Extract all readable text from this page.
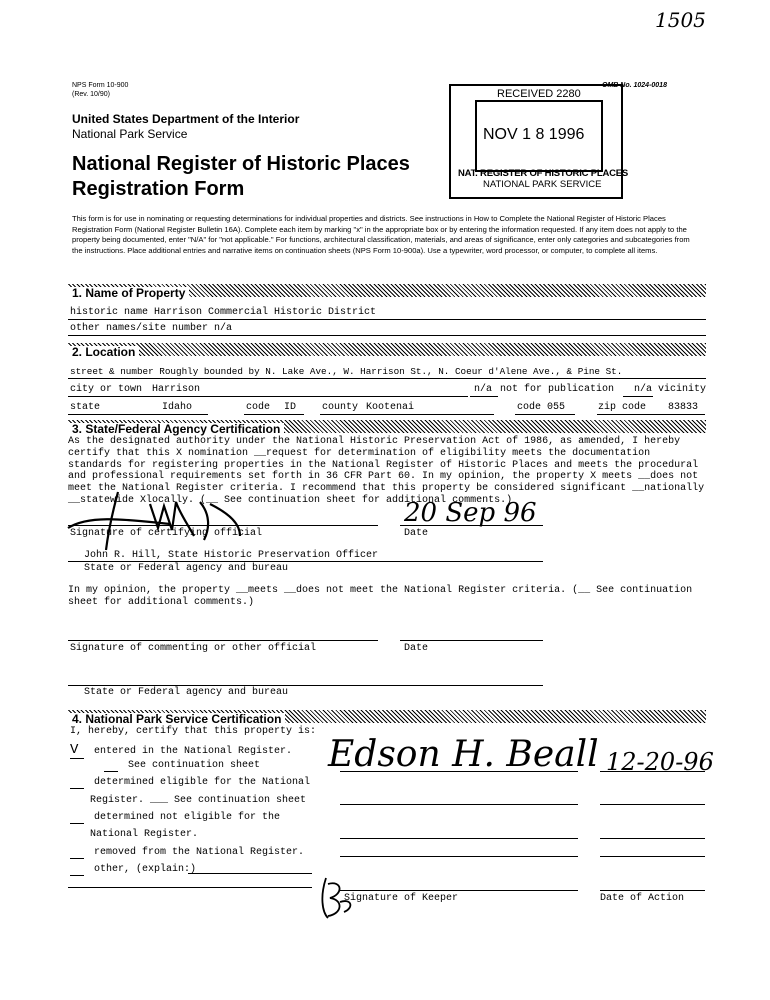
1505
NPS Form 10-900
(Rev. 10/90)
United States Department of the Interior
National Park Service
National Register of Historic Places
Registration Form
OMB No. 1024-0018
RECEIVED 2280
NOV 1 8 1996
NAT. REGISTER OF HISTORIC PLACES
NATIONAL PARK SERVICE
This form is for use in nominating or requesting determinations for individual properties and districts. See instructions in How to Complete the National Register of Historic Places Registration Form (National Register Bulletin 16A). Complete each item by marking "x" in the appropriate box or by entering the information requested. If any item does not apply to the property being documented, enter "N/A" for "not applicable." For functions, architectural classification, materials, and areas of significance, enter only categories and subcategories from the instructions. Place additional entries and narrative items on continuation sheets (NPS Form 10-900a). Use a typewriter, word processor, or computer, to complete all items.
1. Name of Property
historic name Harrison Commercial Historic District
other names/site number n/a
2. Location
street & number Roughly bounded by N. Lake Ave., W. Harrison St., N. Coeur d'Alene Ave., & Pine St.
city or town Harrison	n/a not for publication n/a vicinity
state	Idaho	code ID	county Kootenai	code 055	zip code 83833
3. State/Federal Agency Certification
As the designated authority under the National Historic Preservation Act of 1986, as amended, I hereby certify that this X nomination __request for determination of eligibility meets the documentation standards for registering properties in the National Register of Historic Places and meets the procedural and professional requirements set forth in 36 CFR Part 60. In my opinion, the property X meets __does not meet the National Register criteria. I recommend that this property be considered significant __nationally __statewide Xlocally. (__ See continuation sheet for additional comments.)
Signature of certifying official	Date
20 Sep 96
John R. Hill, State Historic Preservation Officer
State or Federal agency and bureau
In my opinion, the property __meets __does not meet the National Register criteria. (__ See continuation sheet for additional comments.)
Signature of commenting or other official	Date
State or Federal agency and bureau
4. National Park Service Certification
I, hereby, certify that this property is:
V entered in the National Register.
See continuation sheet
determined eligible for the National
Register. ___ See continuation sheet
determined not eligible for the
National Register.
removed from the National Register.
other, (explain:)
Edson H. Beall 12-20-96
Signature of Keeper	Date of Action
